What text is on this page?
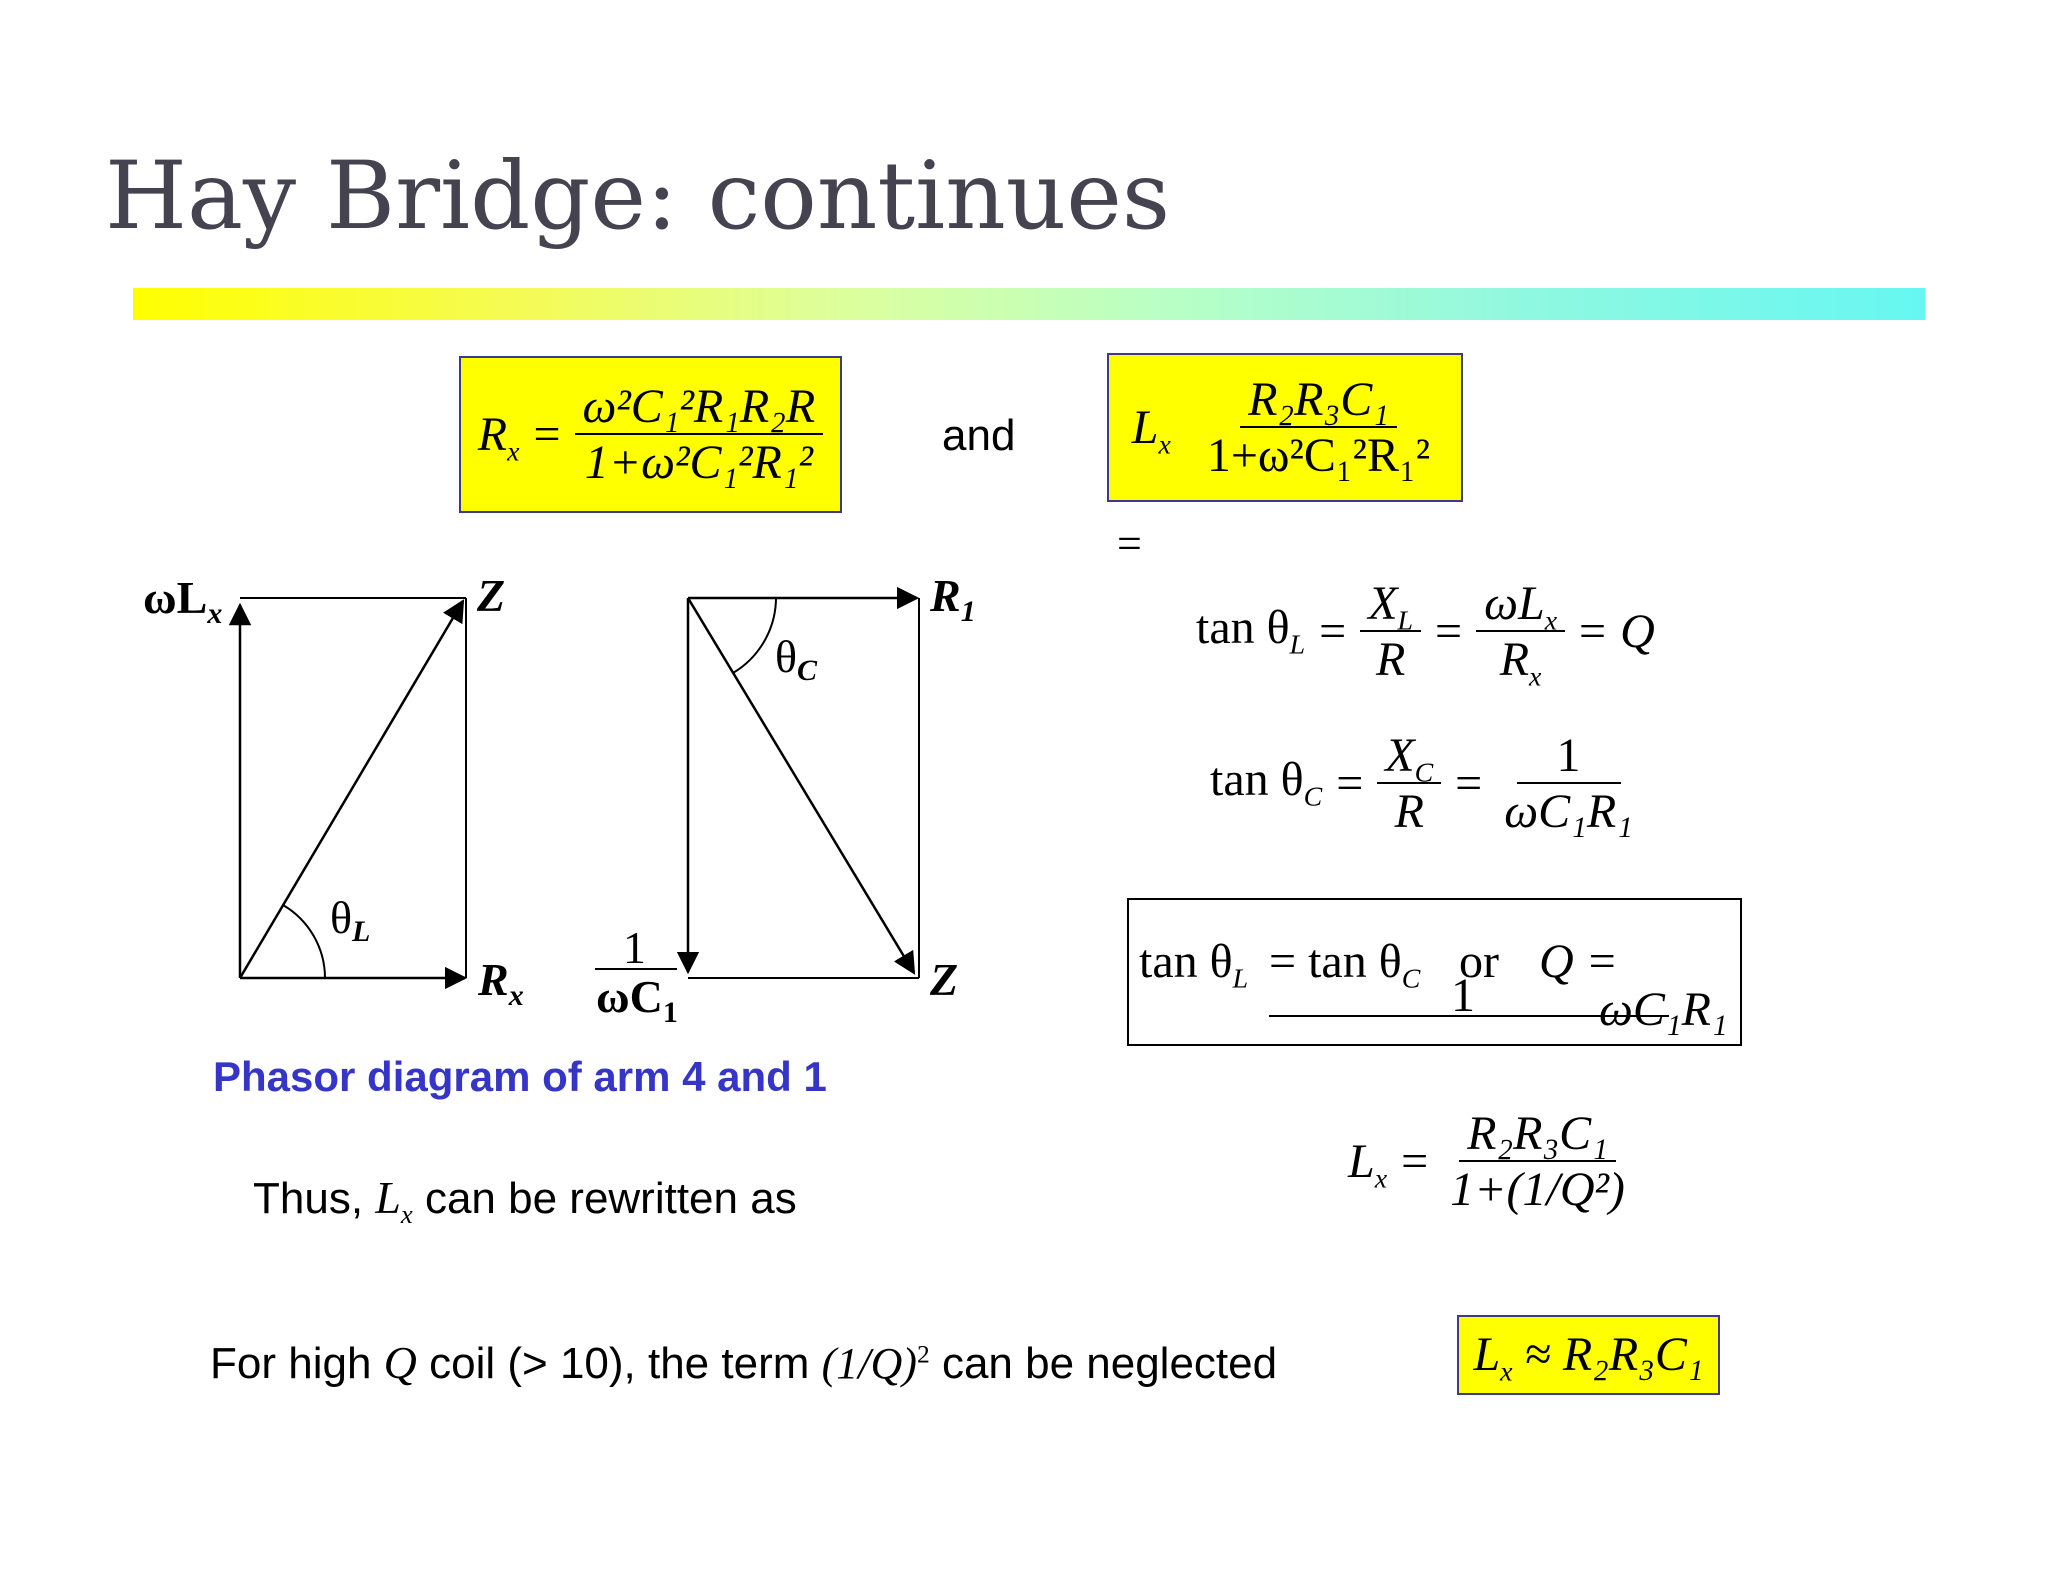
Hay Bridge: continues
$R_x = \frac{\text{ω²C₁²R₁R₂R}}{\text{1+ω²C₁²R₁²}}$	and $L_x \frac{\text{R₂R₃C₁}}{\text{1+ω²C₁²R₁²}}$
=
θL
$\omega L_x$	Z
$R_x$
θC
$R_1$
Z
1
$\omega C_1$
Phasor diagram of arm 4 and 1
$\tan \theta_L = \frac{X_L}{R} = \frac{\omega L_x}{R_x} = Q$
$\tan \theta_C = \frac{X_C}{R} = \frac{1}{\text{ωC₁R₁}}$
$\tan \theta_L = \tan \theta_C$ or Q =
1	ωC₁R₁
$L_x = \frac{\text{R₂R₃C₁}}{\text{1+(1/Q²)}}$
Thus, $L_x$ can be rewritten as
For high Q coil (> 10), the term $(1/Q)^2$ can be neglected	$L_x \approx R_2R_3C_1$
